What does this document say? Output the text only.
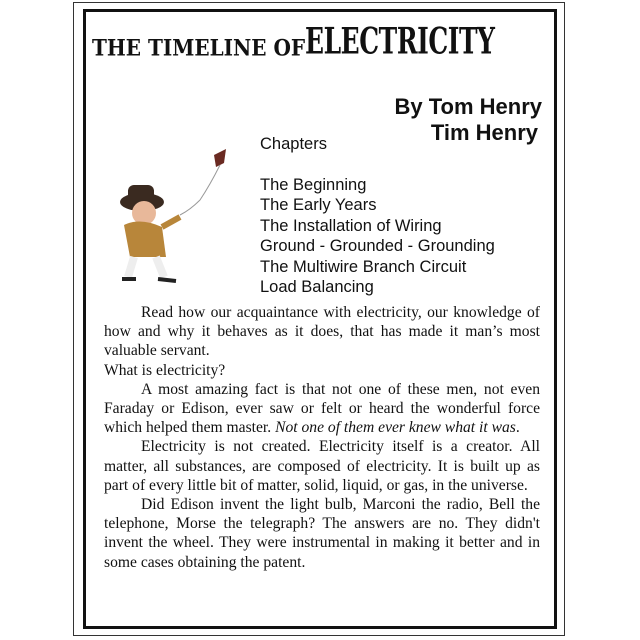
THE TIMELINE OFELECTRICITY
By Tom Henry
Tim Henry
Chapters
The Beginning
The Early Years
The Installation of Wiring
Ground - Grounded - Grounding
The Multiwire Branch Circuit
Load Balancing

Read how our acquaintance with electricity, our knowledge of how and why it behaves as it does, that has made it man’s most valuable servant.

What is electricity?

A most amazing fact is that not one of these men, not even Faraday or Edison, ever saw or felt or heard the wonderful force which helped them master. Not one of them ever knew what it was.

Electricity is not created. Electricity itself is a creator. All matter, all substances, are composed of electricity. It is built up as part of every little bit of matter, solid, liquid, or gas, in the universe.

Did Edison invent the light bulb, Marconi the radio, Bell the telephone, Morse the telegraph? The answers are no. They didn't invent the wheel. They were instrumental in making it better and in some cases obtaining the patent.
